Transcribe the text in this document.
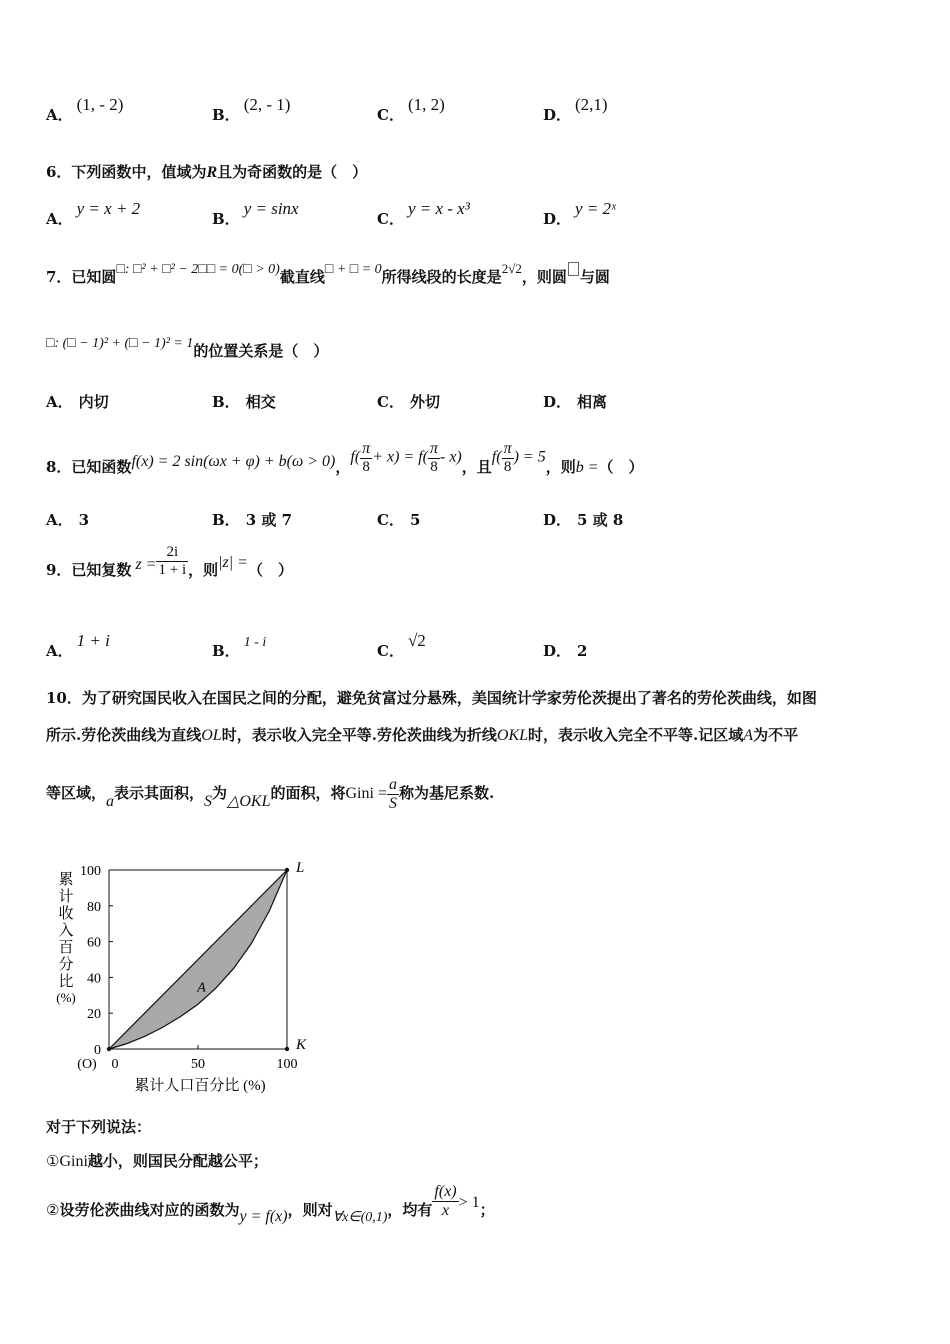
A．(1, - 2)
B．(2, - 1)
C．(1, 2)
D．(2,1)
6．下列函数中，值域为R且为奇函数的是（　）
A．y = x + 2
B．y = sinx
C．y = x - x³
D．y = 2ˣ
7．已知圆□: □² + □² − 2□□ = 0(□ > 0)截直线□ + □ = 0所得线段的长度是2√2，则圆 与圆
□: (□ − 1)² + (□ − 1)² = 1的位置关系是（　）
A． 内切	B． 相交	C． 外切	D． 相离
8．已知函数f(x) = 2 sin(ωx + φ) + b(ω > 0)，$f( \frac{\pi}{8} + x) = f( \frac{\pi}{8} - x)$，且$f( \frac{\pi}{8}$ ) = 5，则b =（　）
A． 3	B． 3 或 7	C． 5	D． 5 或 8
9．已知复数 $z = \frac{2i}{1 + i}$ ，则|z| =（　）
A．1 + i
B． 1 - i	C．√2
D． 2
10．为了研究国民收入在国民之间的分配，避免贫富过分悬殊，美国统计学家劳伦茨提出了著名的劳伦茨曲线，如图
所示.劳伦茨曲线为直线OL时，表示收入完全平等.劳伦茨曲线为折线OKL时，表示收入完全不平等.记区域A为不平
等区域，a表示其面积，S为△OKL的面积，将Gini = $\frac{a}{S}$ 称为基尼系数.
累
计
收
入
百
分
比
(%)
0
20
40
60
80
100
0	50	100
(O)
L
K
A
累计人口百分比 (%)
对于下列说法：
①Gini越小，则国民分配越公平；
②设劳伦茨曲线对应的函数为y = f(x)，则对∀x∈(0,1)，均有 $\frac{f(x)}{x} > 1$；
